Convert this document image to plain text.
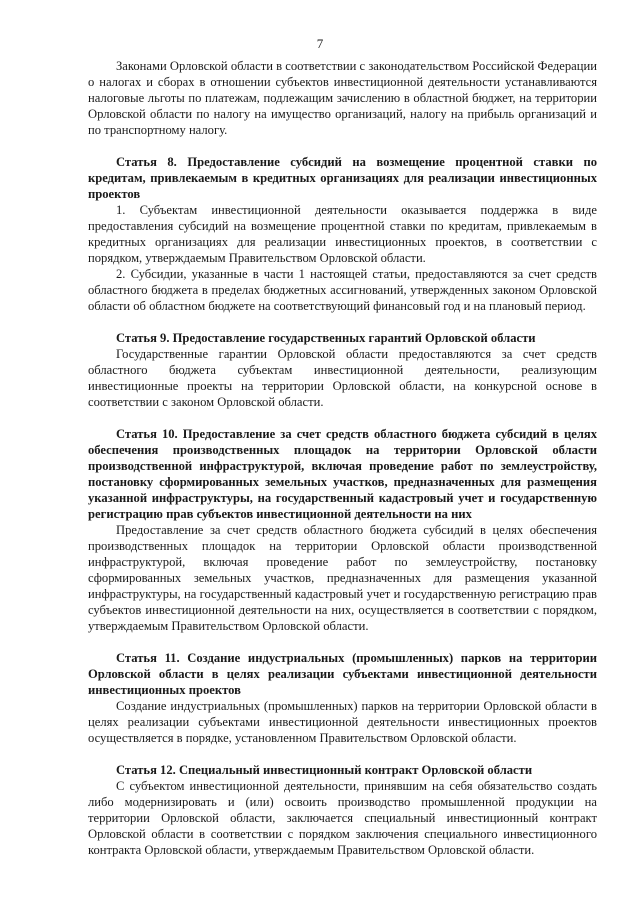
7

Законами Орловской области в соответствии с законодательством Российской Федерации о налогах и сборах в отношении субъектов инвестиционной деятельности устанавливаются налоговые льготы по платежам, подлежащим зачислению в областной бюджет, на территории Орловской области по налогу на имущество организаций, налогу на прибыль организаций и по транспортному налогу.

Статья 8. Предоставление субсидий на возмещение процентной ставки по кредитам, привлекаемым в кредитных организациях для реализации инвестиционных проектов

1. Субъектам инвестиционной деятельности оказывается поддержка в виде предоставления субсидий на возмещение процентной ставки по кредитам, привлекаемым в кредитных организациях для реализации инвестиционных проектов, в соответствии с порядком, утверждаемым Правительством Орловской области.

2. Субсидии, указанные в части 1 настоящей статьи, предоставляются за счет средств областного бюджета в пределах бюджетных ассигнований, утвержденных законом Орловской области об областном бюджете на соответствующий финансовый год и на плановый период.

Статья 9. Предоставление государственных гарантий Орловской области

Государственные гарантии Орловской области предоставляются за счет средств областного бюджета субъектам инвестиционной деятельности, реализующим инвестиционные проекты на территории Орловской области, на конкурсной основе в соответствии с законом Орловской области.

Статья 10. Предоставление за счет средств областного бюджета субсидий в целях обеспечения производственных площадок на территории Орловской области производственной инфраструктурой, включая проведение работ по землеустройству, постановку сформированных земельных участков, предназначенных для размещения указанной инфраструктуры, на государственный кадастровый учет и государственную регистрацию прав субъектов инвестиционной деятельности на них

Предоставление за счет средств областного бюджета субсидий в целях обеспечения производственных площадок на территории Орловской области производственной инфраструктурой, включая проведение работ по землеустройству, постановку сформированных земельных участков, предназначенных для размещения указанной инфраструктуры, на государственный кадастровый учет и государственную регистрацию прав субъектов инвестиционной деятельности на них, осуществляется в соответствии с порядком, утверждаемым Правительством Орловской области.

Статья 11. Создание индустриальных (промышленных) парков на территории Орловской области в целях реализации субъектами инвестиционной деятельности инвестиционных проектов

Создание индустриальных (промышленных) парков на территории Орловской области в целях реализации субъектами инвестиционной деятельности инвестиционных проектов осуществляется в порядке, установленном Правительством Орловской области.

Статья 12. Специальный инвестиционный контракт Орловской области

С субъектом инвестиционной деятельности, принявшим на себя обязательство создать либо модернизировать и (или) освоить производство промышленной продукции на территории Орловской области, заключается специальный инвестиционный контракт Орловской области в соответствии с порядком заключения специального инвестиционного контракта Орловской области, утверждаемым Правительством Орловской области.
